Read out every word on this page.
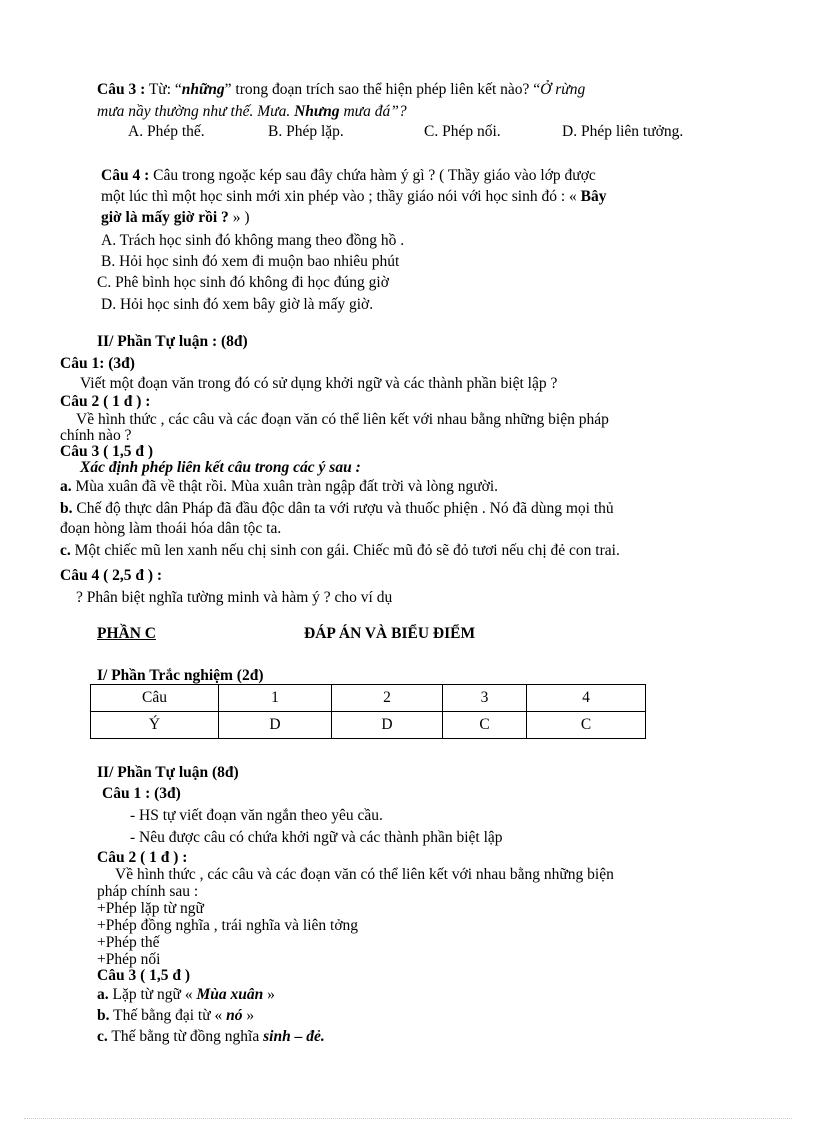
Câu 3 : Từ: “những” trong đoạn trích sao thể hiện phép liên kết nào? “Ở rừng
mưa nầy thường như thế. Mưa. Nhưng mưa đá”?
A. Phép thế.	B. Phép lặp.	C. Phép nối.	D. Phép liên tưởng.
Câu 4 : Câu trong ngoặc kép sau đây chứa hàm ý gì ? ( Thầy giáo vào lớp được
một lúc thì một học sinh mới xin phép vào ; thầy giáo nói với học sinh đó : « Bây
giờ là mấy giờ rồi ? » )
A. Trách học sinh đó không mang theo đồng hồ .
B. Hỏi học sinh đó xem đi muộn bao nhiêu phút
C. Phê bình học sinh đó không đi học đúng giờ
D. Hỏi học sinh đó xem bây giờ là mấy giờ.
II/ Phần Tự luận : (8đ)
Câu 1: (3đ)
Viết một đoạn văn trong đó có sử dụng khởi ngữ và các thành phần biệt lập ?
Câu 2 ( 1 đ ) :
Về hình thức , các câu và các đoạn văn có thể liên kết với nhau bằng những biện pháp
chính nào ?
Câu 3 ( 1,5 đ )
Xác định phép liên kết câu trong các ý sau :
a. Mùa xuân đã về thật rồi. Mùa xuân tràn ngập đất trời và lòng người.
b. Chế độ thực dân Pháp đã đầu độc dân ta với rượu và thuốc phiện . Nó đã dùng mọi thủ
đoạn hòng làm thoái hóa dân tộc ta.
c. Một chiếc mũ len xanh nếu chị sinh con gái. Chiếc mũ đỏ sẽ đỏ tươi nếu chị đẻ con trai.
Câu 4 ( 2,5 đ ) :
? Phân biệt nghĩa tường minh và hàm ý ? cho ví dụ
PHẦN C	ĐÁP ÁN VÀ BIỂU ĐIỂM
I/ Phần Trắc nghiệm (2đ)
Câu	1	2	3	4
Ý	D	D	C	C
II/ Phần Tự luận (8đ)
Câu 1 : (3đ)
- HS tự viết đoạn văn ngắn theo yêu cầu.
- Nêu được câu có chứa khởi ngữ và các thành phần biệt lập
Câu 2 ( 1 đ ) :
Về hình thức , các câu và các đoạn văn có thể liên kết với nhau bằng những biện
pháp chính sau :
+Phép lặp từ ngữ
+Phép đồng nghĩa , trái nghĩa và liên tởng
+Phép thế
+Phép nối
Câu 3 ( 1,5 đ )
a. Lặp từ ngữ « Mùa xuân »
b. Thế bằng đại từ « nó »
c. Thế bằng từ đồng nghĩa sinh – đẻ.
